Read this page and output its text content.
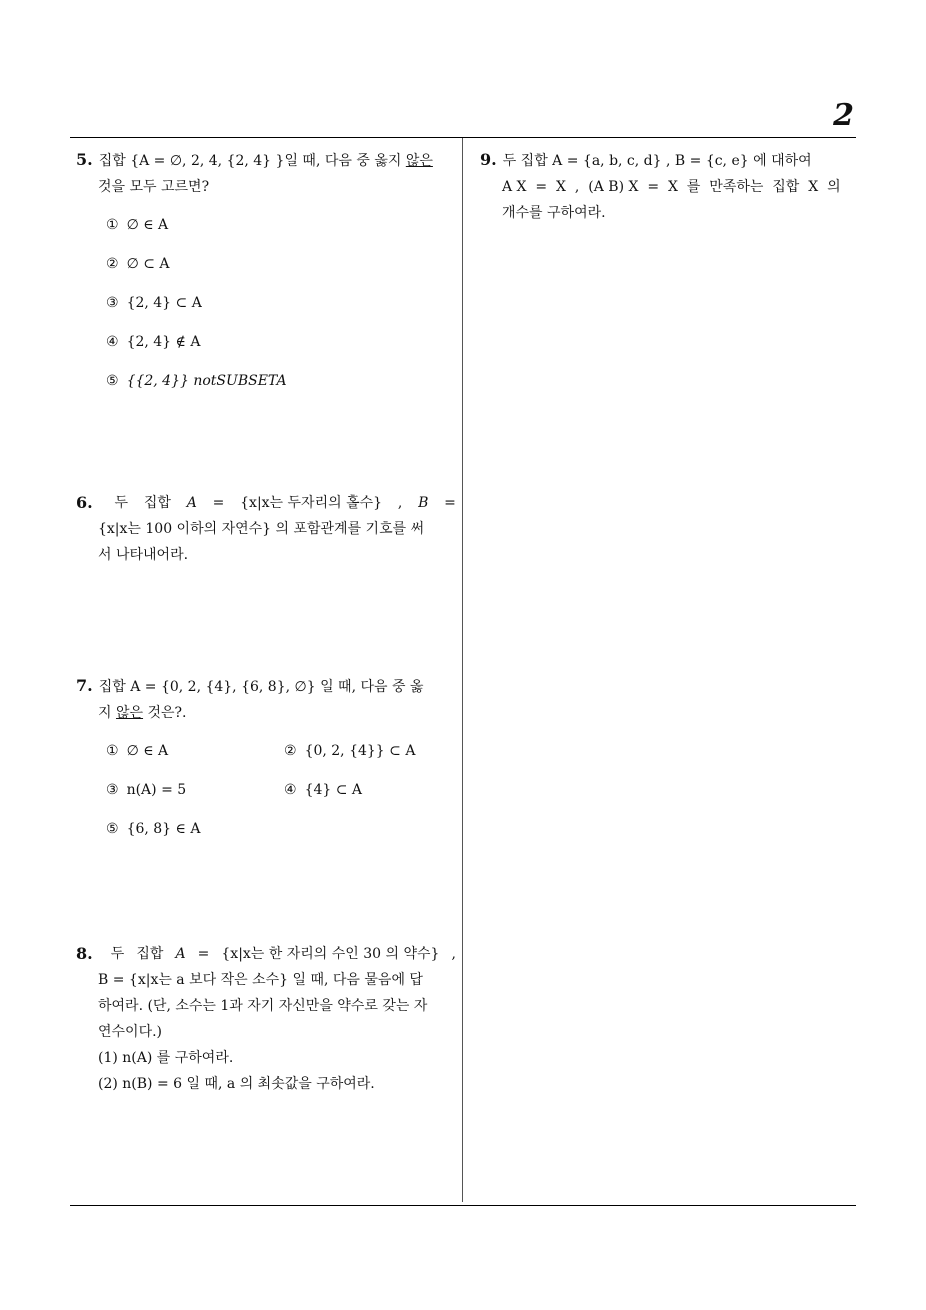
2
5. 집합 {A = ∅, 2, 4, {2, 4} }일 때, 다음 중 옳지 않은
것을 모두 고르면?
① ∅ ∈ A
② ∅ ⊂ A
③ {2, 4} ⊂ A
④ {2, 4} ∉ A
⑤ {{2, 4}} notSUBSETA
6. 두 집합 A = {x|x는 두자리의 홀수} , B =
{x|x는 100 이하의 자연수} 의 포함관계를 기호를 써
서 나타내어라.
7. 집합 A = {0, 2, {4}, {6, 8}, ∅} 일 때, 다음 중 옳
지 않은 것은?.
① ∅ ∈ A	② {0, 2, {4}} ⊂ A
③ n(A) = 5	④ {4} ⊂ A
⑤ {6, 8} ∈ A
8. 두 집합 A = {x|x는 한 자리의 수인 30 의 약수} ,
B = {x|x는 a 보다 작은 소수} 일 때, 다음 물음에 답
하여라. (단, 소수는 1과 자기 자신만을 약수로 갖는 자
연수이다.)
(1) n(A) 를 구하여라.
(2) n(B) = 6 일 때, a 의 최솟값을 구하여라.
9. 두 집합 A = {a, b, c, d} , B = {c, e} 에 대하여
A X  =  X  ,  (A B) X  =  X  를  만족하는  집합  X  의
개수를 구하여라.
